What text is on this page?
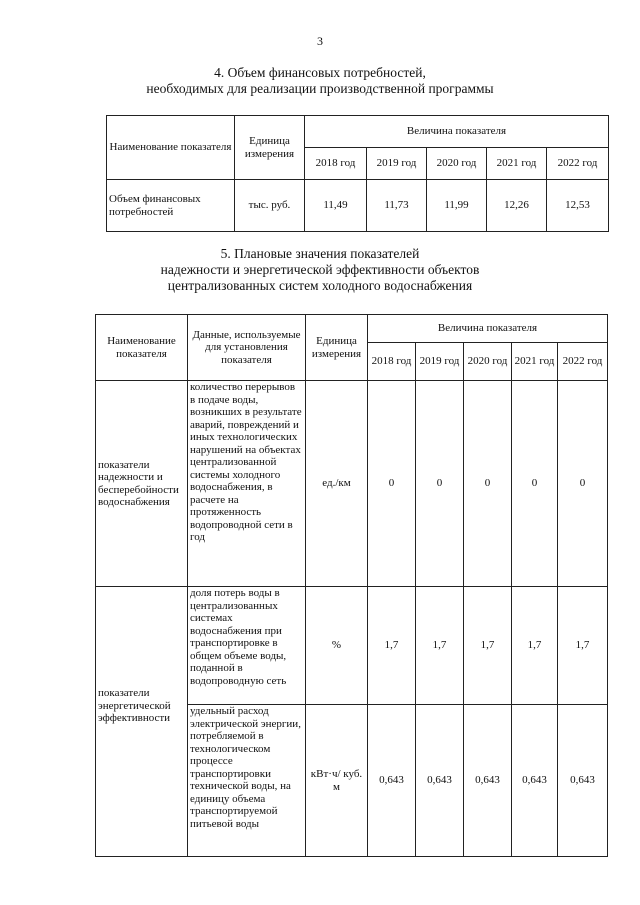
3
4. Объем финансовых потребностей,
необходимых для реализации производственной программы
Наименование показателя	Единица измерения	Величина показателя				
		2018 год	2019 год	2020 год	2021 год	2022 год
Объем финансовых потребностей	тыс. руб.	11,49	11,73	11,99	12,26	12,53
5. Плановые значения показателей
надежности и энергетической эффективности объектов
централизованных систем холодного водоснабжения
Наименование показателя	Данные, используемые для установления показателя	Единица измерения	Величина показателя				
			2018 год	2019 год	2020 год	2021 год	2022 год
показатели надежности и бесперебойности водоснабжения	количество перерывов в подаче воды, возникших в результате аварий, повреждений и иных технологических нарушений на объектах централизованной системы холодного водоснабжения, в расчете на протяженность водопроводной сети в год	ед./км	0	0	0	0	0
показатели энергетической эффективности	доля потерь воды в централизованных системах водоснабжения при транспортировке в общем объеме воды, поданной в водопроводную сеть	%	1,7	1,7	1,7	1,7	1,7
	удельный расход электрической энергии, потребляемой в технологическом процессе транспортировки технической воды, на единицу объема транспортируемой питьевой воды	кВт·ч/ куб. м	0,643	0,643	0,643	0,643	0,643
